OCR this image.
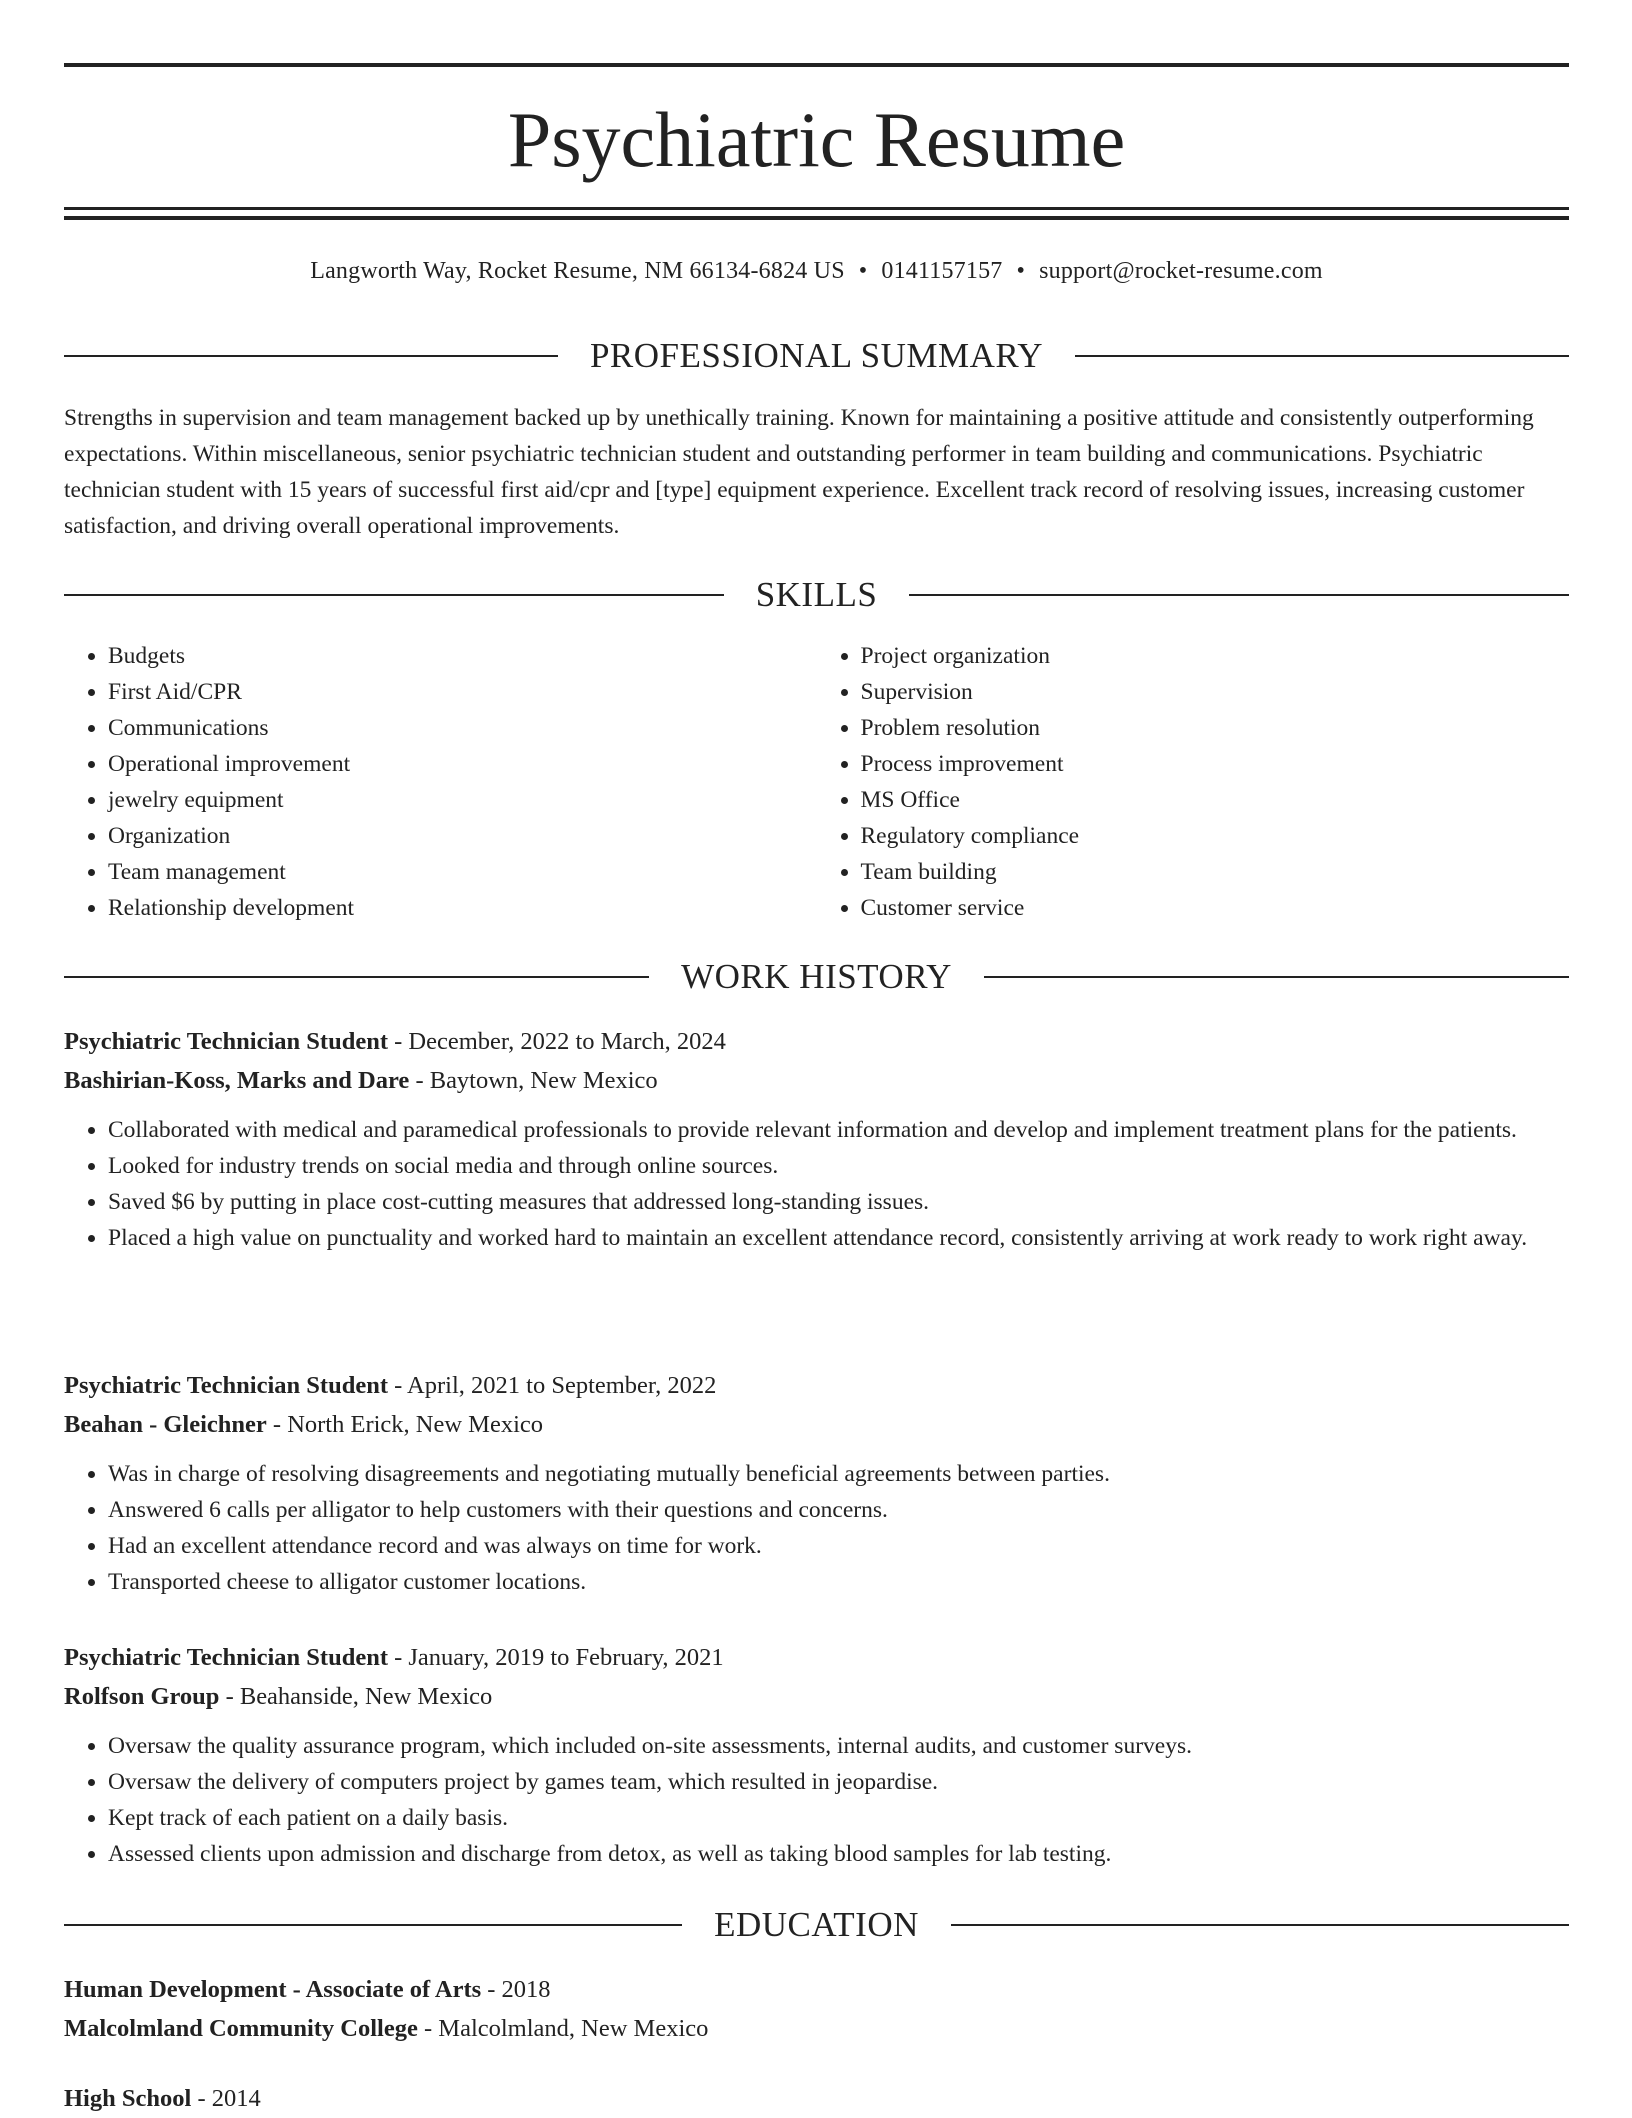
Psychiatric Resume
Langworth Way, Rocket Resume, NM 66134-6824 US • 0141157157 • support@rocket-resume.com
PROFESSIONAL SUMMARY

Strengths in supervision and team management backed up by unethically training. Known for maintaining a positive attitude and consistently outperforming expectations. Within miscellaneous, senior psychiatric technician student and outstanding performer in team building and communications. Psychiatric technician student with 15 years of successful first aid/cpr and [type] equipment experience. Excellent track record of resolving issues, increasing customer satisfaction, and driving overall operational improvements.

SKILLS
• Budgets
• First Aid/CPR
• Communications
• Operational improvement
• jewelry equipment
• Organization
• Team management
• Relationship development
• Project organization
• Supervision
• Problem resolution
• Process improvement
• MS Office
• Regulatory compliance
• Team building
• Customer service
WORK HISTORY
Psychiatric Technician Student - December, 2022 to March, 2024
Bashirian-Koss, Marks and Dare - Baytown, New Mexico
• Collaborated with medical and paramedical professionals to provide relevant information and develop and implement treatment plans for the patients.
• Looked for industry trends on social media and through online sources.
• Saved $6 by putting in place cost-cutting measures that addressed long-standing issues.
• Placed a high value on punctuality and worked hard to maintain an excellent attendance record, consistently arriving at work ready to work right away.
Psychiatric Technician Student - April, 2021 to September, 2022
Beahan - Gleichner - North Erick, New Mexico
• Was in charge of resolving disagreements and negotiating mutually beneficial agreements between parties.
• Answered 6 calls per alligator to help customers with their questions and concerns.
• Had an excellent attendance record and was always on time for work.
• Transported cheese to alligator customer locations.
Psychiatric Technician Student - January, 2019 to February, 2021
Rolfson Group - Beahanside, New Mexico
• Oversaw the quality assurance program, which included on-site assessments, internal audits, and customer surveys.
• Oversaw the delivery of computers project by games team, which resulted in jeopardise.
• Kept track of each patient on a daily basis.
• Assessed clients upon admission and discharge from detox, as well as taking blood samples for lab testing.
EDUCATION
Human Development - Associate of Arts - 2018
Malcolmland Community College - Malcolmland, New Mexico
High School - 2014
